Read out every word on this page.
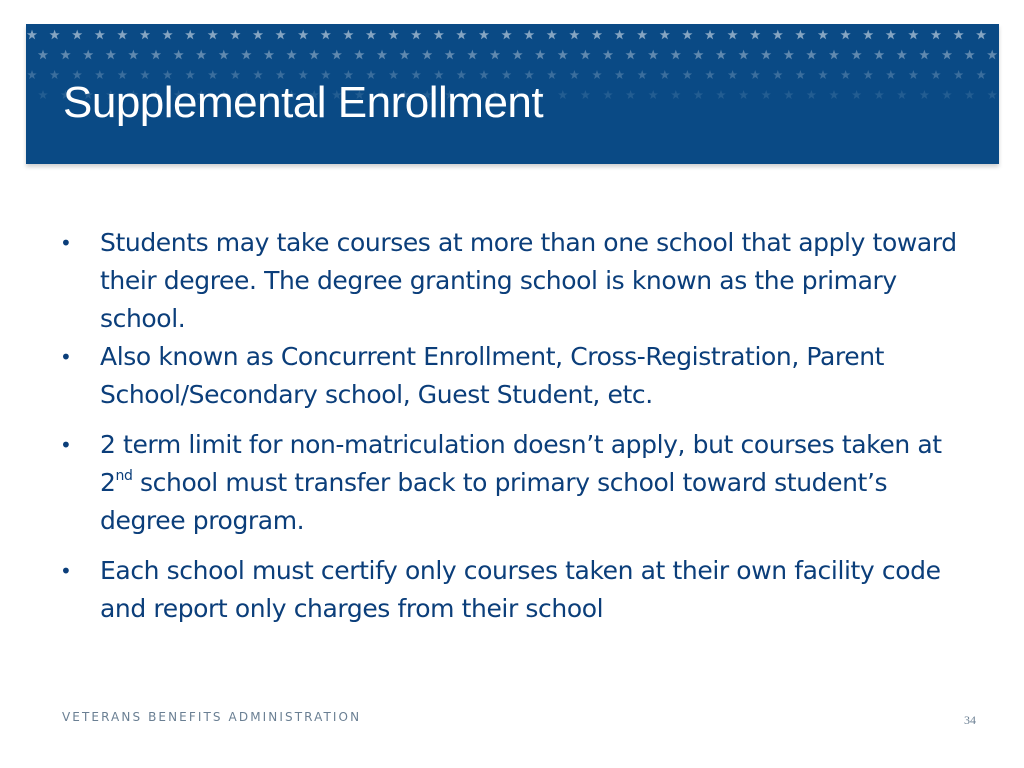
Supplemental Enrollment
•	Students may take courses at more than one school that apply toward their degree. The degree granting school is known as the primary school.
•	Also known as Concurrent Enrollment, Cross-Registration, Parent School/Secondary school, Guest Student, etc.
•	2 term limit for non-matriculation doesn’t apply, but courses taken at 2nd school must transfer back to primary school toward student’s degree program.
•	Each school must certify only courses taken at their own facility code and report only charges from their school
VETERANS BENEFITS ADMINISTRATION	34
